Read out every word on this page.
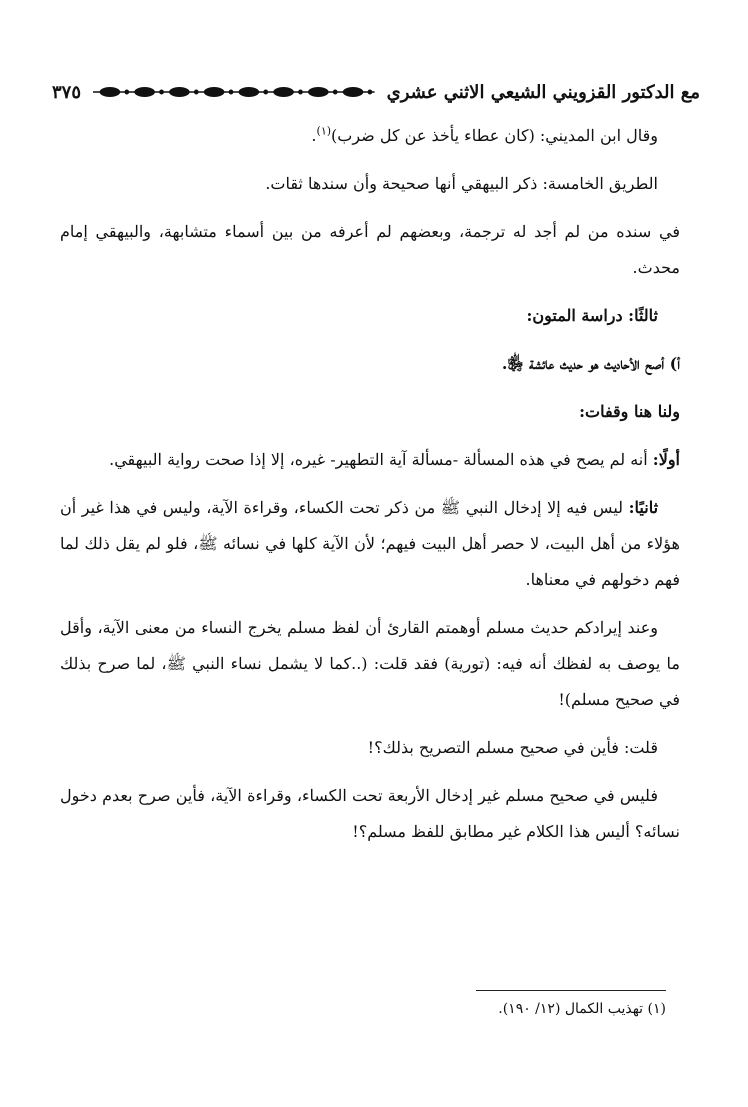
مع الدكتور القزويني الشيعي الاثني عشري
٣٧٥

وقال ابن المديني: (كان عطاء يأخذ عن كل ضرب)$^{(١)}$.

الطريق الخامسة: ذكر البيهقي أنها صحيحة وأن سندها ثقات.

في سنده من لم أجد له ترجمة، وبعضهم لم أعرفه من بين أسماء متشابهة، والبيهقي إمام محدث.

ثالثًا: دراسة المتون:

أ) أصح الأحاديث هو حديث عائشة ﵂.

ولنا هنا وقفات:

أولًا: أنه لم يصح في هذه المسألة -مسألة آية التطهير- غيره، إلا إذا صحت رواية البيهقي.

ثانيًا: ليس فيه إلا إدخال النبي ﷺ من ذكر تحت الكساء، وقراءة الآية، وليس في هذا غير أن هؤلاء من أهل البيت، لا حصر أهل البيت فيهم؛ لأن الآية كلها في نسائه ﷺ، فلو لم يقل ذلك لما فهم دخولهم في معناها.

وعند إيرادكم حديث مسلم أوهمتم القارئ أن لفظ مسلم يخرج النساء من معنى الآية، وأقل ما يوصف به لفظك أنه فيه: (تورية) فقد قلت: (..كما لا يشمل نساء النبي ﷺ، لما صرح بذلك في صحيح مسلم)!

قلت: فأين في صحيح مسلم التصريح بذلك؟!

فليس في صحيح مسلم غير إدخال الأربعة تحت الكساء، وقراءة الآية، فأين صرح بعدم دخول نسائه؟ أليس هذا الكلام غير مطابق للفظ مسلم؟!

(١) تهذيب الكمال (١٢/ ١٩٠).
